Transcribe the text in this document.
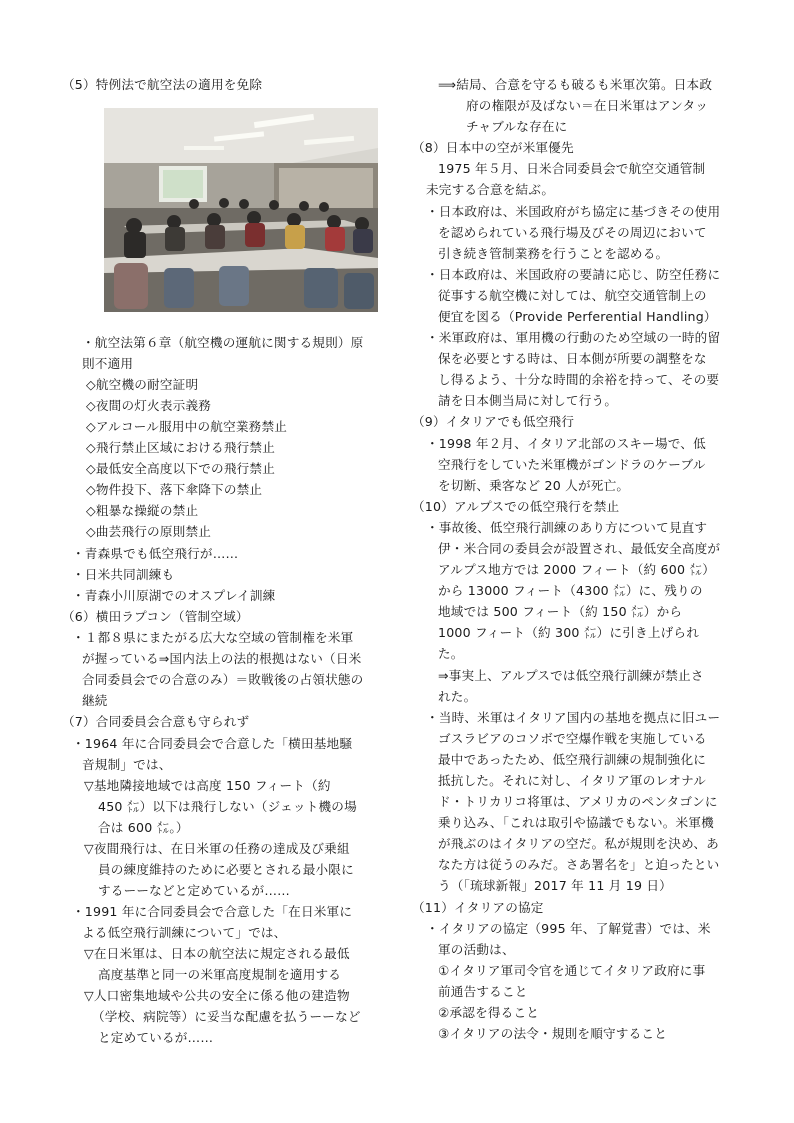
（5）特例法で航空法の適用を免除
・航空法第６章（航空機の運航に関する規則）原
則不適用
◇航空機の耐空証明
◇夜間の灯火表示義務
◇アルコール服用中の航空業務禁止
◇飛行禁止区域における飛行禁止
◇最低安全高度以下での飛行禁止
◇物件投下、落下傘降下の禁止
◇粗暴な操縦の禁止
◇曲芸飛行の原則禁止
・青森県でも低空飛行が……
・日米共同訓練も
・青森小川原湖でのオスプレイ訓練
（6）横田ラプコン（管制空域）
・１都８県にまたがる広大な空域の管制権を米軍
が握っている⇒国内法上の法的根拠はない（日米
合同委員会での合意のみ）＝敗戦後の占領状態の
継続
（7）合同委員会合意も守られず
・1964 年に合同委員会で合意した「横田基地騒
音規制」では、
▽基地隣接地域では高度 150 フィート（約
450 ㍍）以下は飛行しない（ジェット機の場
合は 600 ㍍。）
▽夜間飛行は、在日米軍の任務の達成及び乗組
員の練度維持のために必要とされる最小限に
するーーなどと定めているが……
・1991 年に合同委員会で合意した「在日米軍に
よる低空飛行訓練について」では、
▽在日米軍は、日本の航空法に規定される最低
高度基準と同一の米軍高度規制を適用する
▽人口密集地域や公共の安全に係る他の建造物
（学校、病院等）に妥当な配慮を払うーーなど
と定めているが……
⟹結局、合意を守るも破るも米軍次第。日本政
府の権限が及ばない＝在日米軍はアンタッ
チャブルな存在に
（8）日本中の空が米軍優先
1975 年５月、日米合同委員会で航空交通管制
未完する合意を結ぶ。
・日本政府は、米国政府がち協定に基づきその使用
を認められている飛行場及びその周辺において
引き続き管制業務を行うことを認める。
・日本政府は、米国政府の要請に応じ、防空任務に
従事する航空機に対しては、航空交通管制上の
便宜を図る（Provide Perferential Handling）
・米軍政府は、軍用機の行動のため空域の一時的留
保を必要とする時は、日本側が所要の調整をな
し得るよう、十分な時間的余裕を持って、その要
請を日本側当局に対して行う。
（9）イタリアでも低空飛行
・1998 年２月、イタリア北部のスキー場で、低
空飛行をしていた米軍機がゴンドラのケーブル
を切断、乗客など 20 人が死亡。
（10）アルプスでの低空飛行を禁止
・事故後、低空飛行訓練のあり方について見直す
伊・米合同の委員会が設置され、最低安全高度が
アルプス地方では 2000 フィート（約 600 ㍍）
から 13000 フィート（4300 ㍍）に、残りの
地域では 500 フィート（約 150 ㍍）から
1000 フィート（約 300 ㍍）に引き上げられ
た。
⇒事実上、アルプスでは低空飛行訓練が禁止さ
れた。
・当時、米軍はイタリア国内の基地を拠点に旧ユー
ゴスラビアのコソボで空爆作戦を実施している
最中であったため、低空飛行訓練の規制強化に
抵抗した。それに対し、イタリア軍のレオナル
ド・トリカリコ将軍は、アメリカのペンタゴンに
乗り込み、「これは取引や協議でもない。米軍機
が飛ぶのはイタリアの空だ。私が規則を決め、あ
なた方は従うのみだ。さあ署名を」と迫ったとい
う（「琉球新報」2017 年 11 月 19 日）
（11）イタリアの協定
・イタリアの協定（995 年、了解覚書）では、米
軍の活動は、
①イタリア軍司令官を通じてイタリア政府に事
前通告すること
②承認を得ること
③イタリアの法令・規則を順守すること
